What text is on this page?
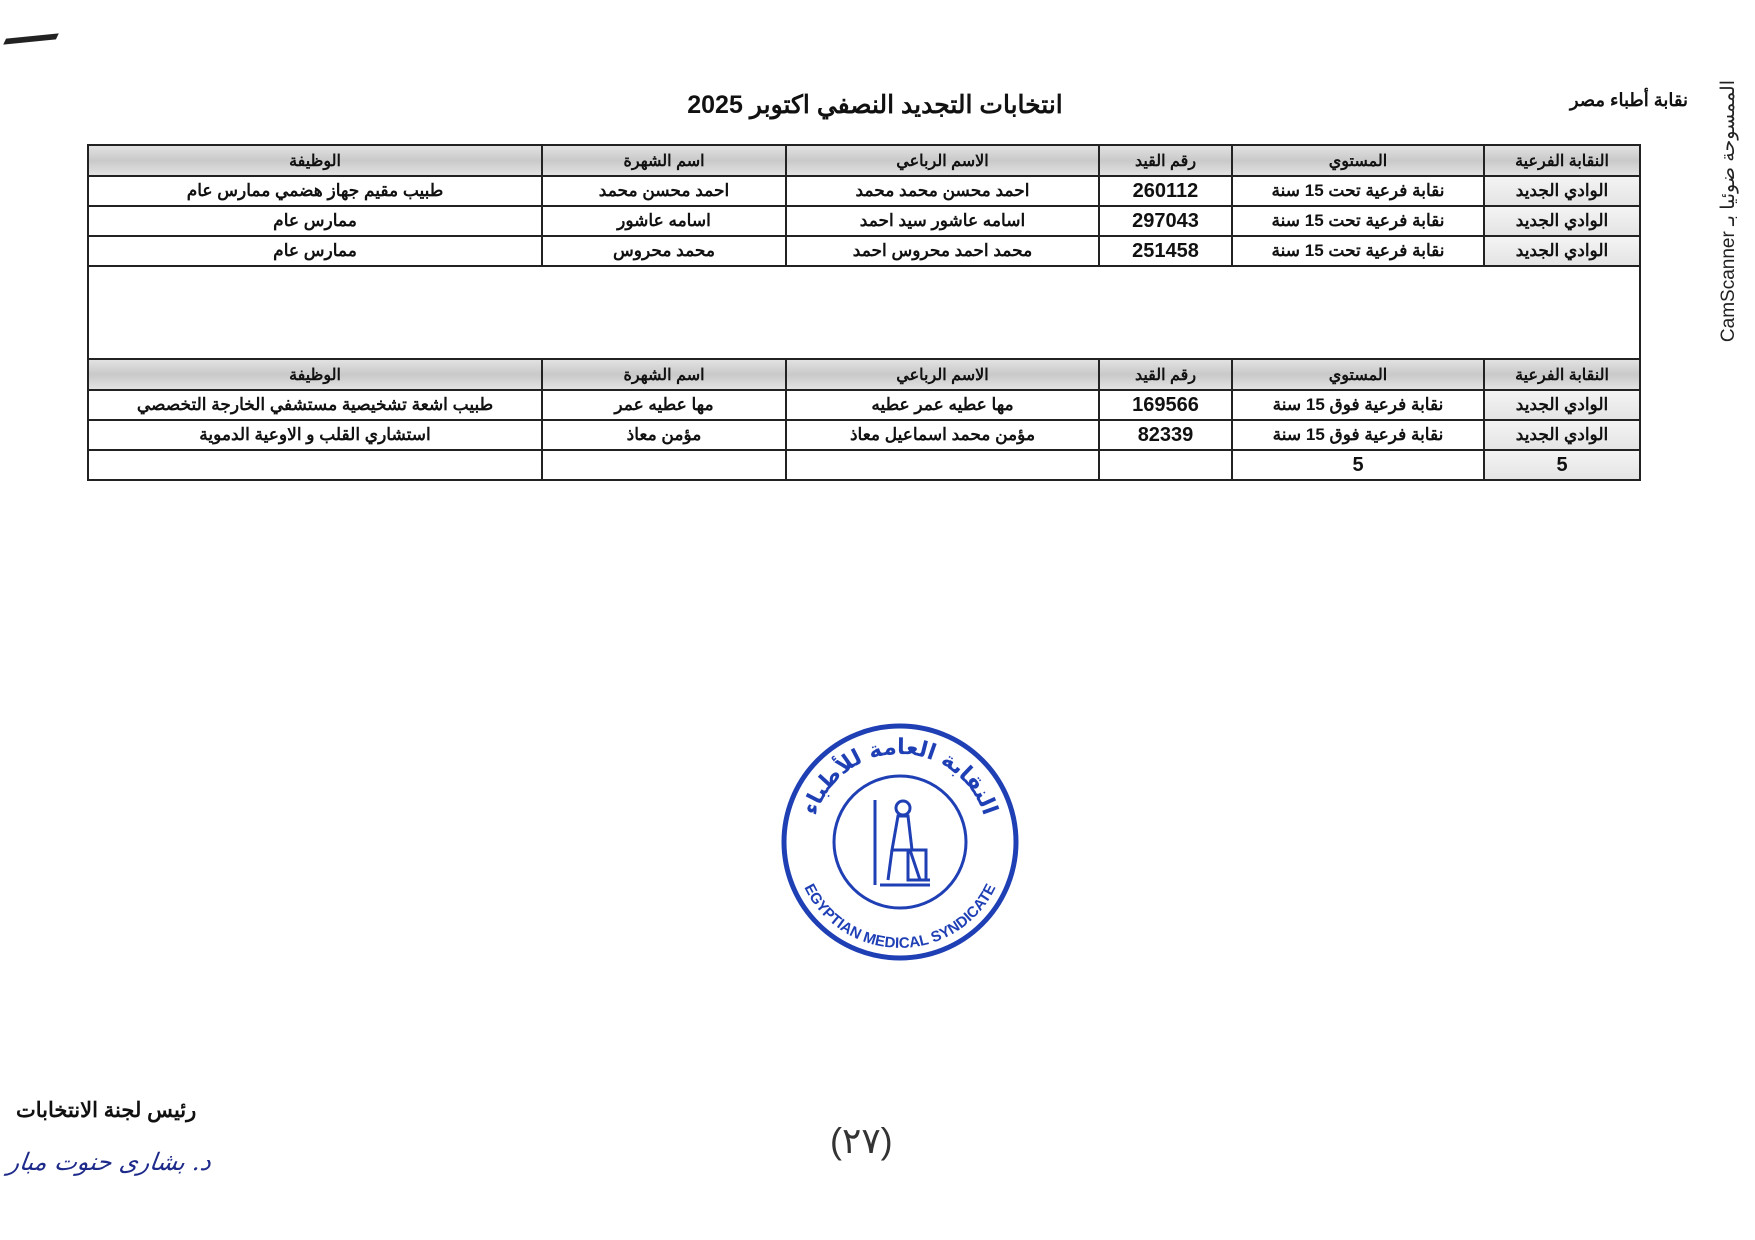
نقابة أطباء مصر
انتخابات التجديد النصفي اكتوبر 2025
الممسوحة ضوئيا بـ CamScanner
النقابة الفرعية	المستوي	رقم القيد	الاسم الرباعي	اسم الشهرة	الوظيفة
الوادي الجديد	نقابة فرعية تحت 15 سنة	260112	احمد محسن محمد محمد	احمد محسن محمد	طبيب مقيم جهاز هضمي ممارس عام
الوادي الجديد	نقابة فرعية تحت 15 سنة	297043	اسامه عاشور سيد احمد	اسامه عاشور	ممارس عام
الوادي الجديد	نقابة فرعية تحت 15 سنة	251458	محمد احمد محروس احمد	محمد محروس	ممارس عام

النقابة الفرعية	المستوي	رقم القيد	الاسم الرباعي	اسم الشهرة	الوظيفة
الوادي الجديد	نقابة فرعية فوق 15 سنة	169566	مها عطيه عمر عطيه	مها عطيه عمر	طبيب اشعة تشخيصية مستشفي الخارجة التخصصي
الوادي الجديد	نقابة فرعية فوق 15 سنة	82339	مؤمن محمد اسماعيل معاذ	مؤمن معاذ	استشاري القلب و الاوعية الدموية
5	5				
النقابة العامة للأطباء
EGYPTIAN MEDICAL SYNDICATE
رئيس لجنة الانتخابات
د. بشارى حنوت مبار
(٢٧)
